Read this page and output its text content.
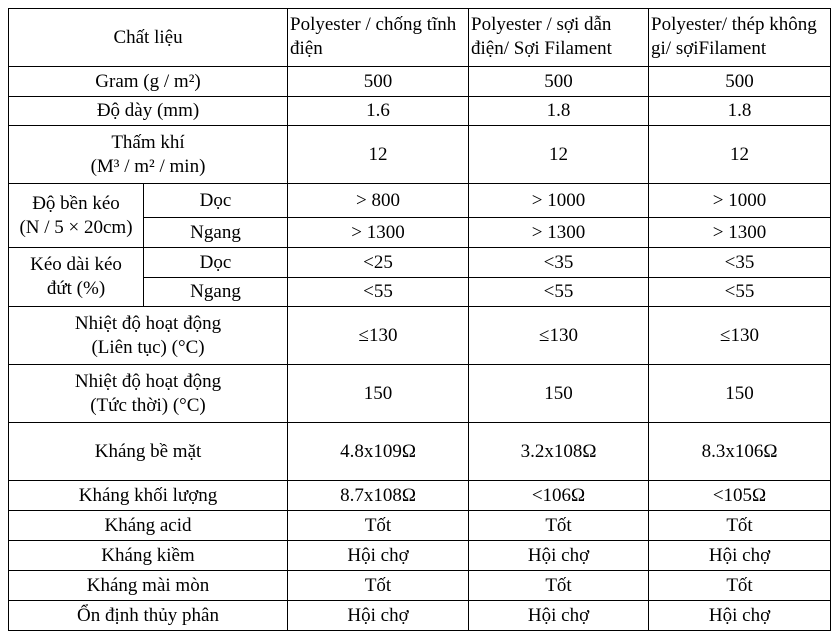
Chất liệu		Polyester / chống tĩnh điện	Polyester / sợi dẫn điện/ Sợi Filament	Polyester/ thép không gi/ sợiFilament
Gram (g / m²)		500	500	500
Độ dày (mm)		1.6	1.8	1.8

Thấm khí
(M³ / m² / min)		12	12	12

Độ bền kéo
(N / 5 × 20cm)	Dọc	> 800	> 1000	> 1000
	Ngang	> 1300	> 1300	> 1300

Kéo dài kéo
đứt (%)	Dọc	<25	<35	<35
	Ngang	<55	<55	<55

Nhiệt độ hoạt động
(Liên tục) (°C)		≤130	≤130	≤130

Nhiệt độ hoạt động
(Tức thời) (°C)		150	150	150
Kháng bề mặt		4.8x109Ω	3.2x108Ω	8.3x106Ω
Kháng khối lượng		8.7x108Ω	<106Ω	<105Ω
Kháng acid		Tốt	Tốt	Tốt
Kháng kiềm		Hội chợ	Hội chợ	Hội chợ
Kháng mài mòn		Tốt	Tốt	Tốt
Ổn định thủy phân		Hội chợ	Hội chợ	Hội chợ
